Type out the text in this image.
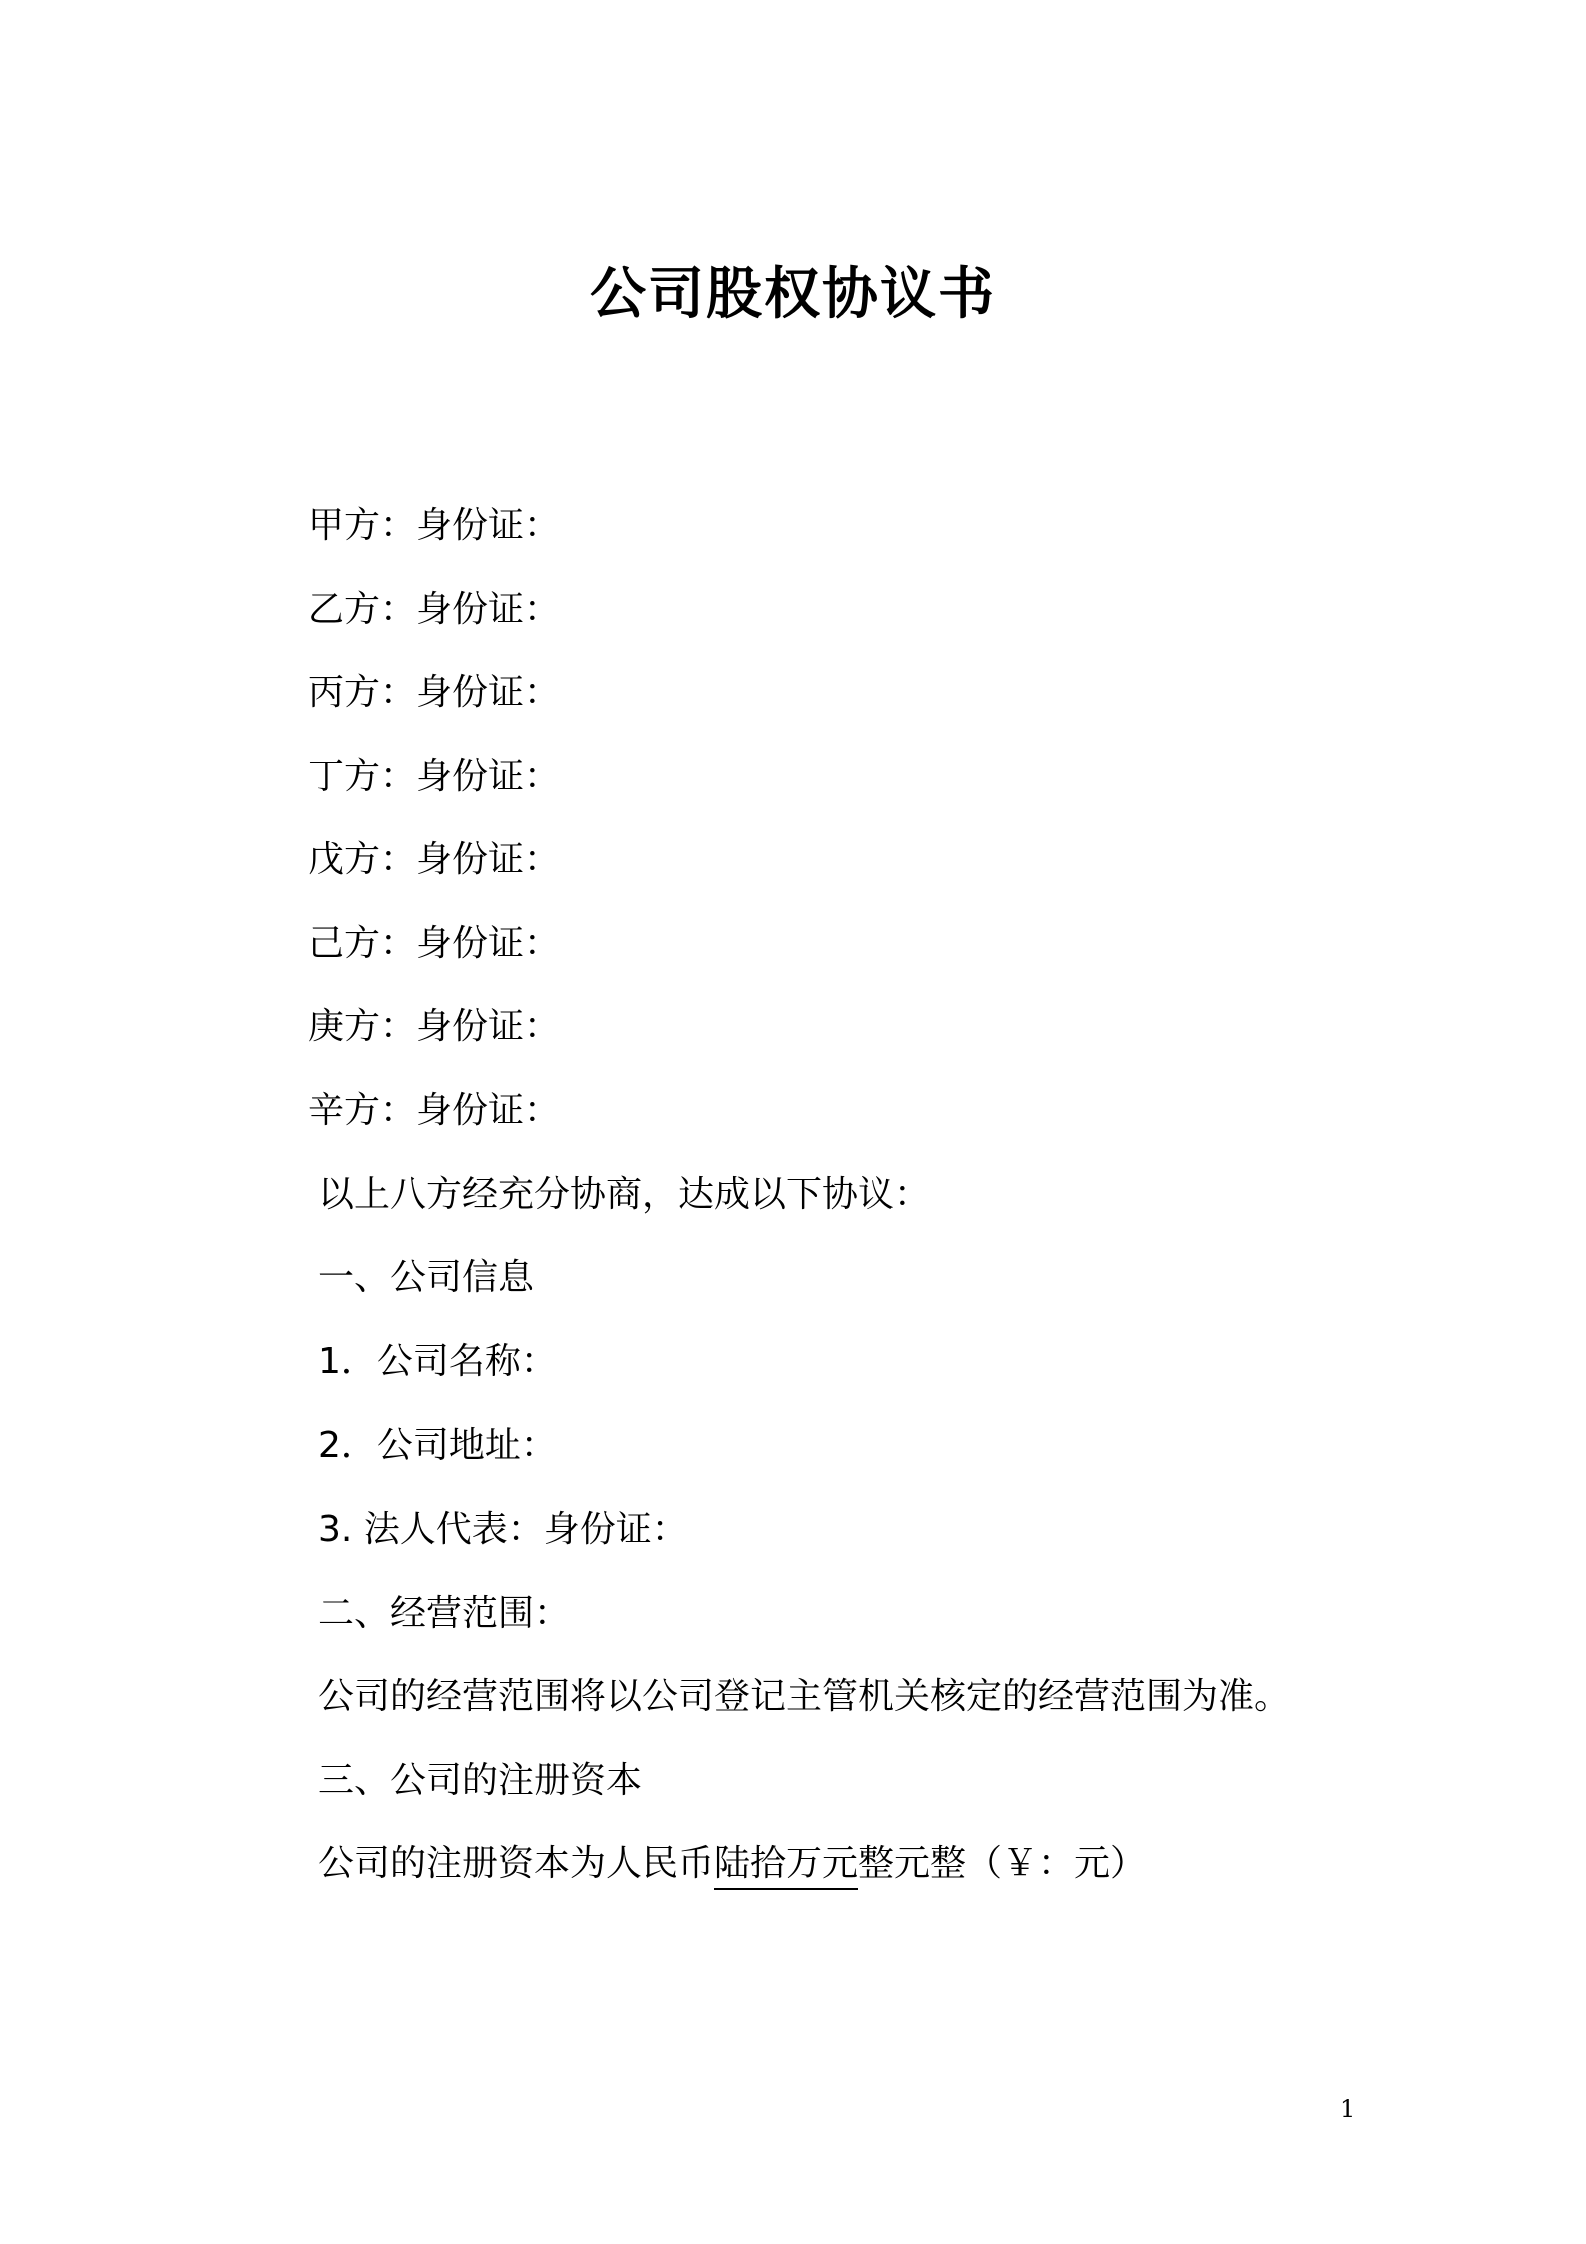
公司股权协议书
甲方：身份证：
乙方：身份证：
丙方：身份证：
丁方：身份证：
戊方：身份证：
己方：身份证：
庚方：身份证：
辛方：身份证：
以上八方经充分协商，达成以下协议：
一、公司信息
1．公司名称：
2．公司地址：
3. 法人代表：身份证：
二、经营范围：
公司的经营范围将以公司登记主管机关核定的经营范围为准。
三、公司的注册资本
公司的注册资本为人民币陆拾万元整元整（￥：元）
1
